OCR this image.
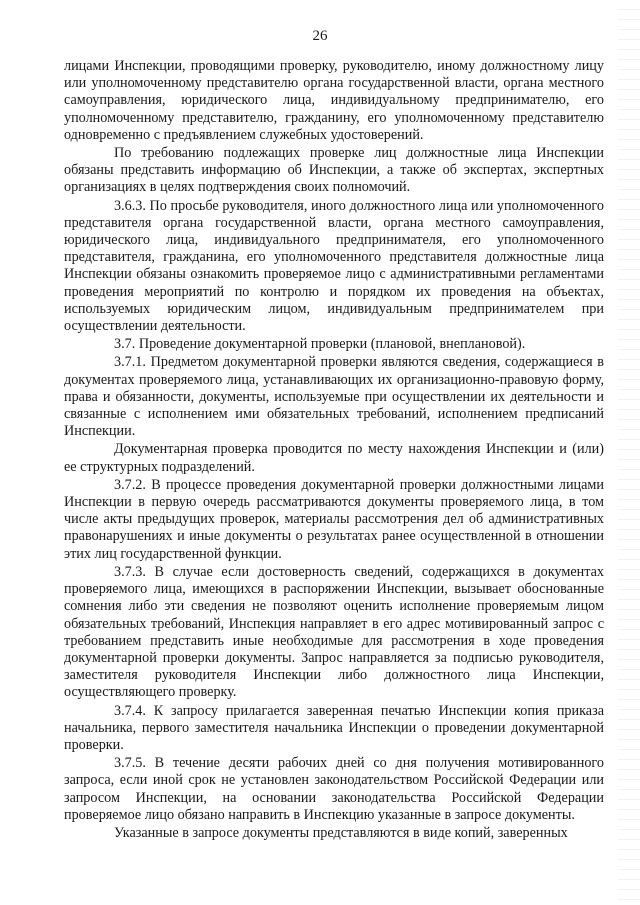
26

лицами Инспекции, проводящими проверку, руководителю, иному должностному лицу или уполномоченному представителю органа государственной власти, органа местного самоуправления, юридического лица, индивидуальному предпринимателю, его уполномоченному представителю, гражданину, его уполномоченному представителю одновременно с предъявлением служебных удостоверений.

По требованию подлежащих проверке лиц должностные лица Инспекции обязаны представить информацию об Инспекции, а также об экспертах, экспертных организациях в целях подтверждения своих полномочий.

3.6.3. По просьбе руководителя, иного должностного лица или уполномоченного представителя органа государственной власти, органа местного самоуправления, юридического лица, индивидуального предпринимателя, его уполномоченного представителя, гражданина, его уполномоченного представителя должностные лица Инспекции обязаны ознакомить проверяемое лицо с административными регламентами проведения мероприятий по контролю и порядком их проведения на объектах, используемых юридическим лицом, индивидуальным предпринимателем при осуществлении деятельности.

3.7. Проведение документарной проверки (плановой, внеплановой).

3.7.1. Предметом документарной проверки являются сведения, содержащиеся в документах проверяемого лица, устанавливающих их организационно-правовую форму, права и обязанности, документы, используемые при осуществлении их деятельности и связанные с исполнением ими обязательных требований, исполнением предписаний Инспекции.

Документарная проверка проводится по месту нахождения Инспекции и (или) ее структурных подразделений.

3.7.2. В процессе проведения документарной проверки должностными лицами Инспекции в первую очередь рассматриваются документы проверяемого лица, в том числе акты предыдущих проверок, материалы рассмотрения дел об административных правонарушениях и иные документы о результатах ранее осуществленной в отношении этих лиц государственной функции.

3.7.3. В случае если достоверность сведений, содержащихся в документах проверяемого лица, имеющихся в распоряжении Инспекции, вызывает обоснованные сомнения либо эти сведения не позволяют оценить исполнение проверяемым лицом обязательных требований, Инспекция направляет в его адрес мотивированный запрос с требованием представить иные необходимые для рассмотрения в ходе проведения документарной проверки документы. Запрос направляется за подписью руководителя, заместителя руководителя Инспекции либо должностного лица Инспекции, осуществляющего проверку.

3.7.4. К запросу прилагается заверенная печатью Инспекции копия приказа начальника, первого заместителя начальника Инспекции о проведении документарной проверки.

3.7.5. В течение десяти рабочих дней со дня получения мотивированного запроса, если иной срок не установлен законодательством Российской Федерации или запросом Инспекции, на основании законодательства Российской Федерации проверяемое лицо обязано направить в Инспекцию указанные в запросе документы.

Указанные в запросе документы представляются в виде копий, заверенных
